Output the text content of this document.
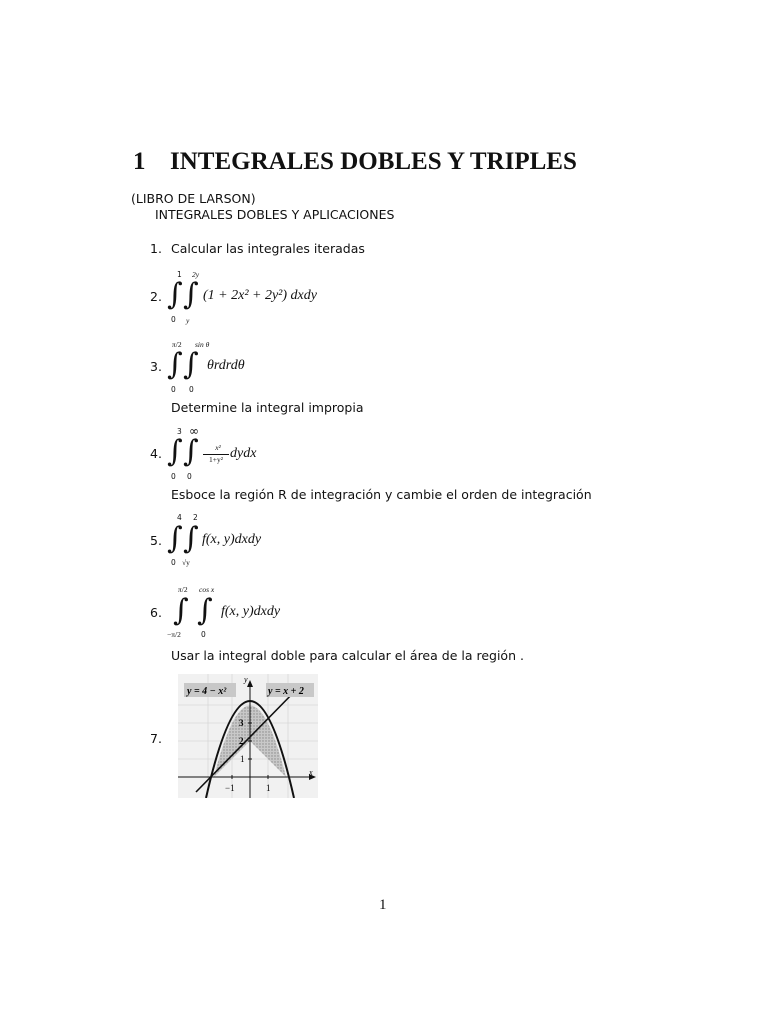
1 INTEGRALES DOBLES Y TRIPLES
(LIBRO DE LARSON)
INTEGRALES DOBLES Y APLICACIONES
1. Calcular las integrales iteradas
2. ∫ ∫
1
0
2y
y
(1 + 2x² + 2y²) dxdy
3. ∫ ∫
π/2 sin θ
0 0
θrdrdθ
Determine la integral impropia
4. ∫ ∫
3 ∞
0 0
x²
1+y² dydx
Esboce la región R de integración y cambie el orden de integración
5. ∫ ∫
4 2
0 √y
f(x, y)dxdy
6. ∫ ∫
π/2 cos x
−π/2	0
f(x, y)dxdy
Usar la integral doble para calcular el área de la región .
7.
y = 4 − x²	y = x + 2
y
x
3
2
1
−1	1
1
